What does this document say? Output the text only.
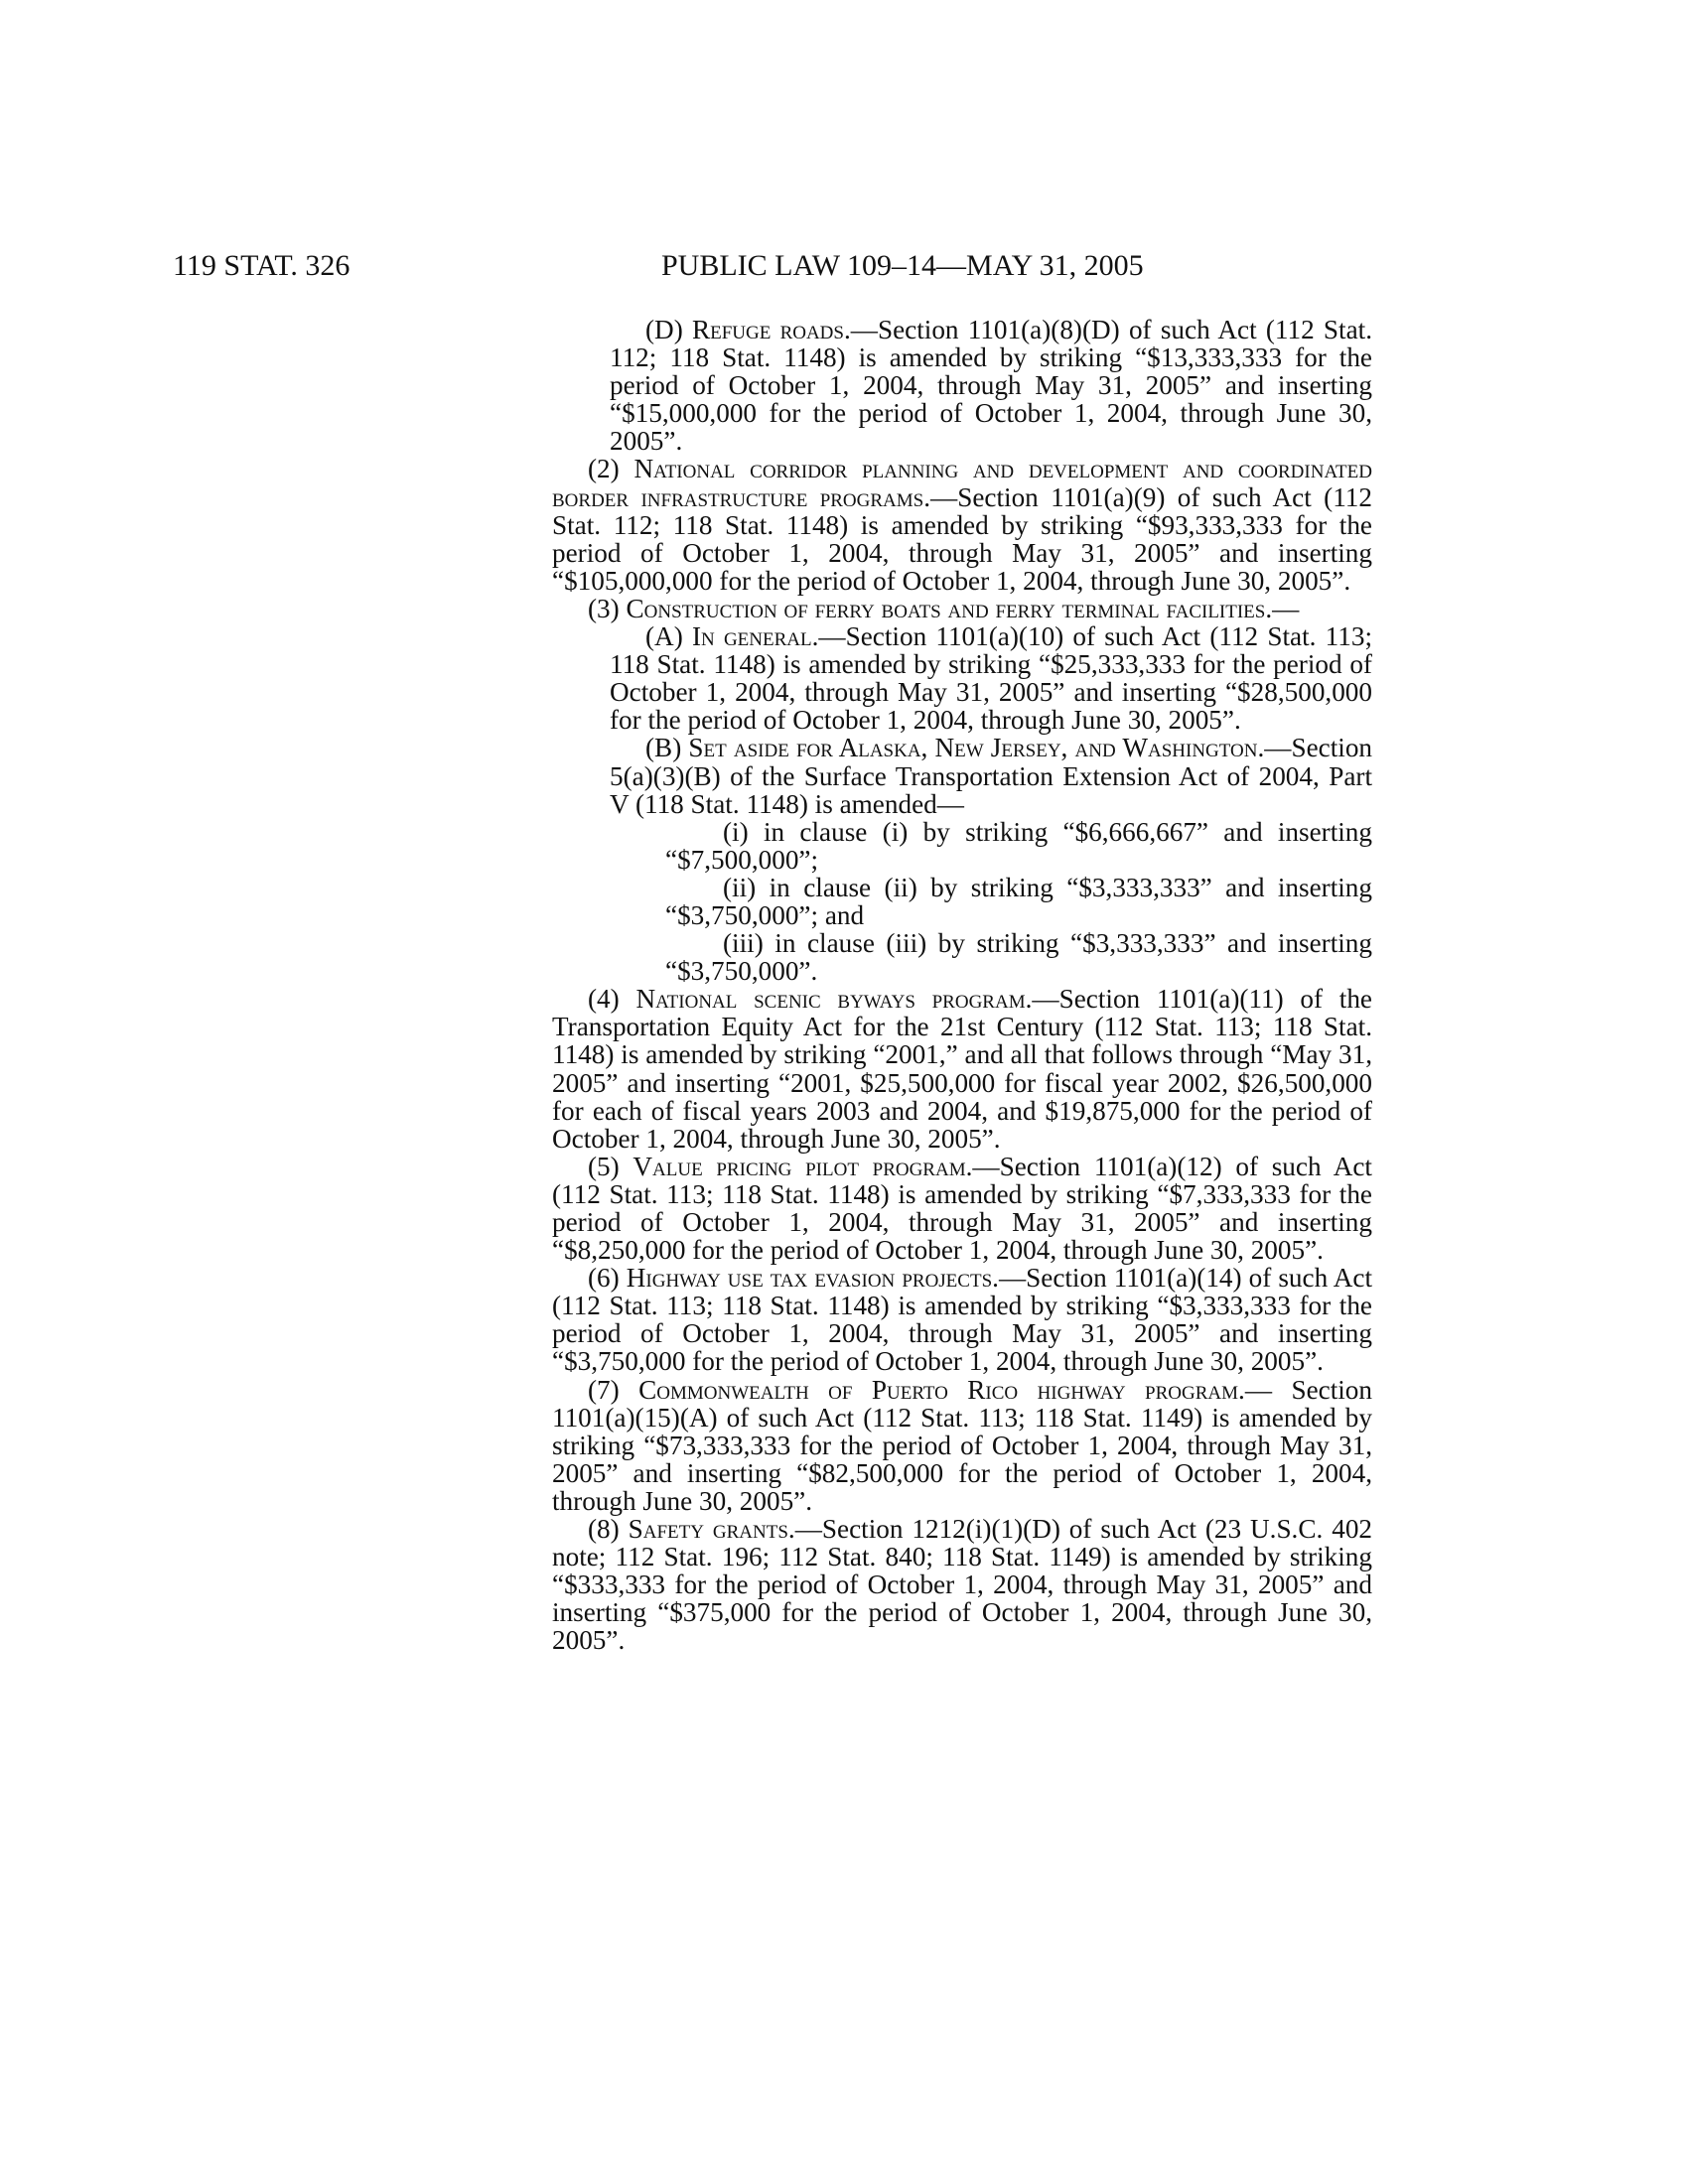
119 STAT. 326	PUBLIC LAW 109–14—MAY 31, 2005

(D) Refuge roads.—Section 1101(a)(8)(D) of such Act (112 Stat. 112; 118 Stat. 1148) is amended by striking “$13,333,333 for the period of October 1, 2004, through May 31, 2005” and inserting “$15,000,000 for the period of October 1, 2004, through June 30, 2005”.

(2) National corridor planning and development and coordinated border infrastructure programs.—Section 1101(a)(9) of such Act (112 Stat. 112; 118 Stat. 1148) is amended by striking “$93,333,333 for the period of October 1, 2004, through May 31, 2005” and inserting “$105,000,000 for the period of October 1, 2004, through June 30, 2005”.

(3) Construction of ferry boats and ferry terminal facilities.—

(A) In general.—Section 1101(a)(10) of such Act (112 Stat. 113; 118 Stat. 1148) is amended by striking “$25,333,333 for the period of October 1, 2004, through May 31, 2005” and inserting “$28,500,000 for the period of October 1, 2004, through June 30, 2005”.

(B) Set aside for Alaska, New Jersey, and Washington.—Section 5(a)(3)(B) of the Surface Transportation Extension Act of 2004, Part V (118 Stat. 1148) is amended—

(i) in clause (i) by striking “$6,666,667” and inserting “$7,500,000”;

(ii) in clause (ii) by striking “$3,333,333” and inserting “$3,750,000”; and

(iii) in clause (iii) by striking “$3,333,333” and inserting “$3,750,000”.

(4) National scenic byways program.—Section 1101(a)(11) of the Transportation Equity Act for the 21st Century (112 Stat. 113; 118 Stat. 1148) is amended by striking “2001,” and all that follows through “May 31, 2005” and inserting “2001, $25,500,000 for fiscal year 2002, $26,500,000 for each of fiscal years 2003 and 2004, and $19,875,000 for the period of October 1, 2004, through June 30, 2005”.

(5) Value pricing pilot program.—Section 1101(a)(12) of such Act (112 Stat. 113; 118 Stat. 1148) is amended by striking “$7,333,333 for the period of October 1, 2004, through May 31, 2005” and inserting “$8,250,000 for the period of October 1, 2004, through June 30, 2005”.

(6) Highway use tax evasion projects.—Section 1101(a)(14) of such Act (112 Stat. 113; 118 Stat. 1148) is amended by striking “$3,333,333 for the period of October 1, 2004, through May 31, 2005” and inserting “$3,750,000 for the period of October 1, 2004, through June 30, 2005”.

(7) Commonwealth of Puerto Rico highway program.— Section 1101(a)(15)(A) of such Act (112 Stat. 113; 118 Stat. 1149) is amended by striking “$73,333,333 for the period of October 1, 2004, through May 31, 2005” and inserting “$82,500,000 for the period of October 1, 2004, through June 30, 2005”.

(8) Safety grants.—Section 1212(i)(1)(D) of such Act (23 U.S.C. 402 note; 112 Stat. 196; 112 Stat. 840; 118 Stat. 1149) is amended by striking “$333,333 for the period of October 1, 2004, through May 31, 2005” and inserting “$375,000 for the period of October 1, 2004, through June 30, 2005”.
